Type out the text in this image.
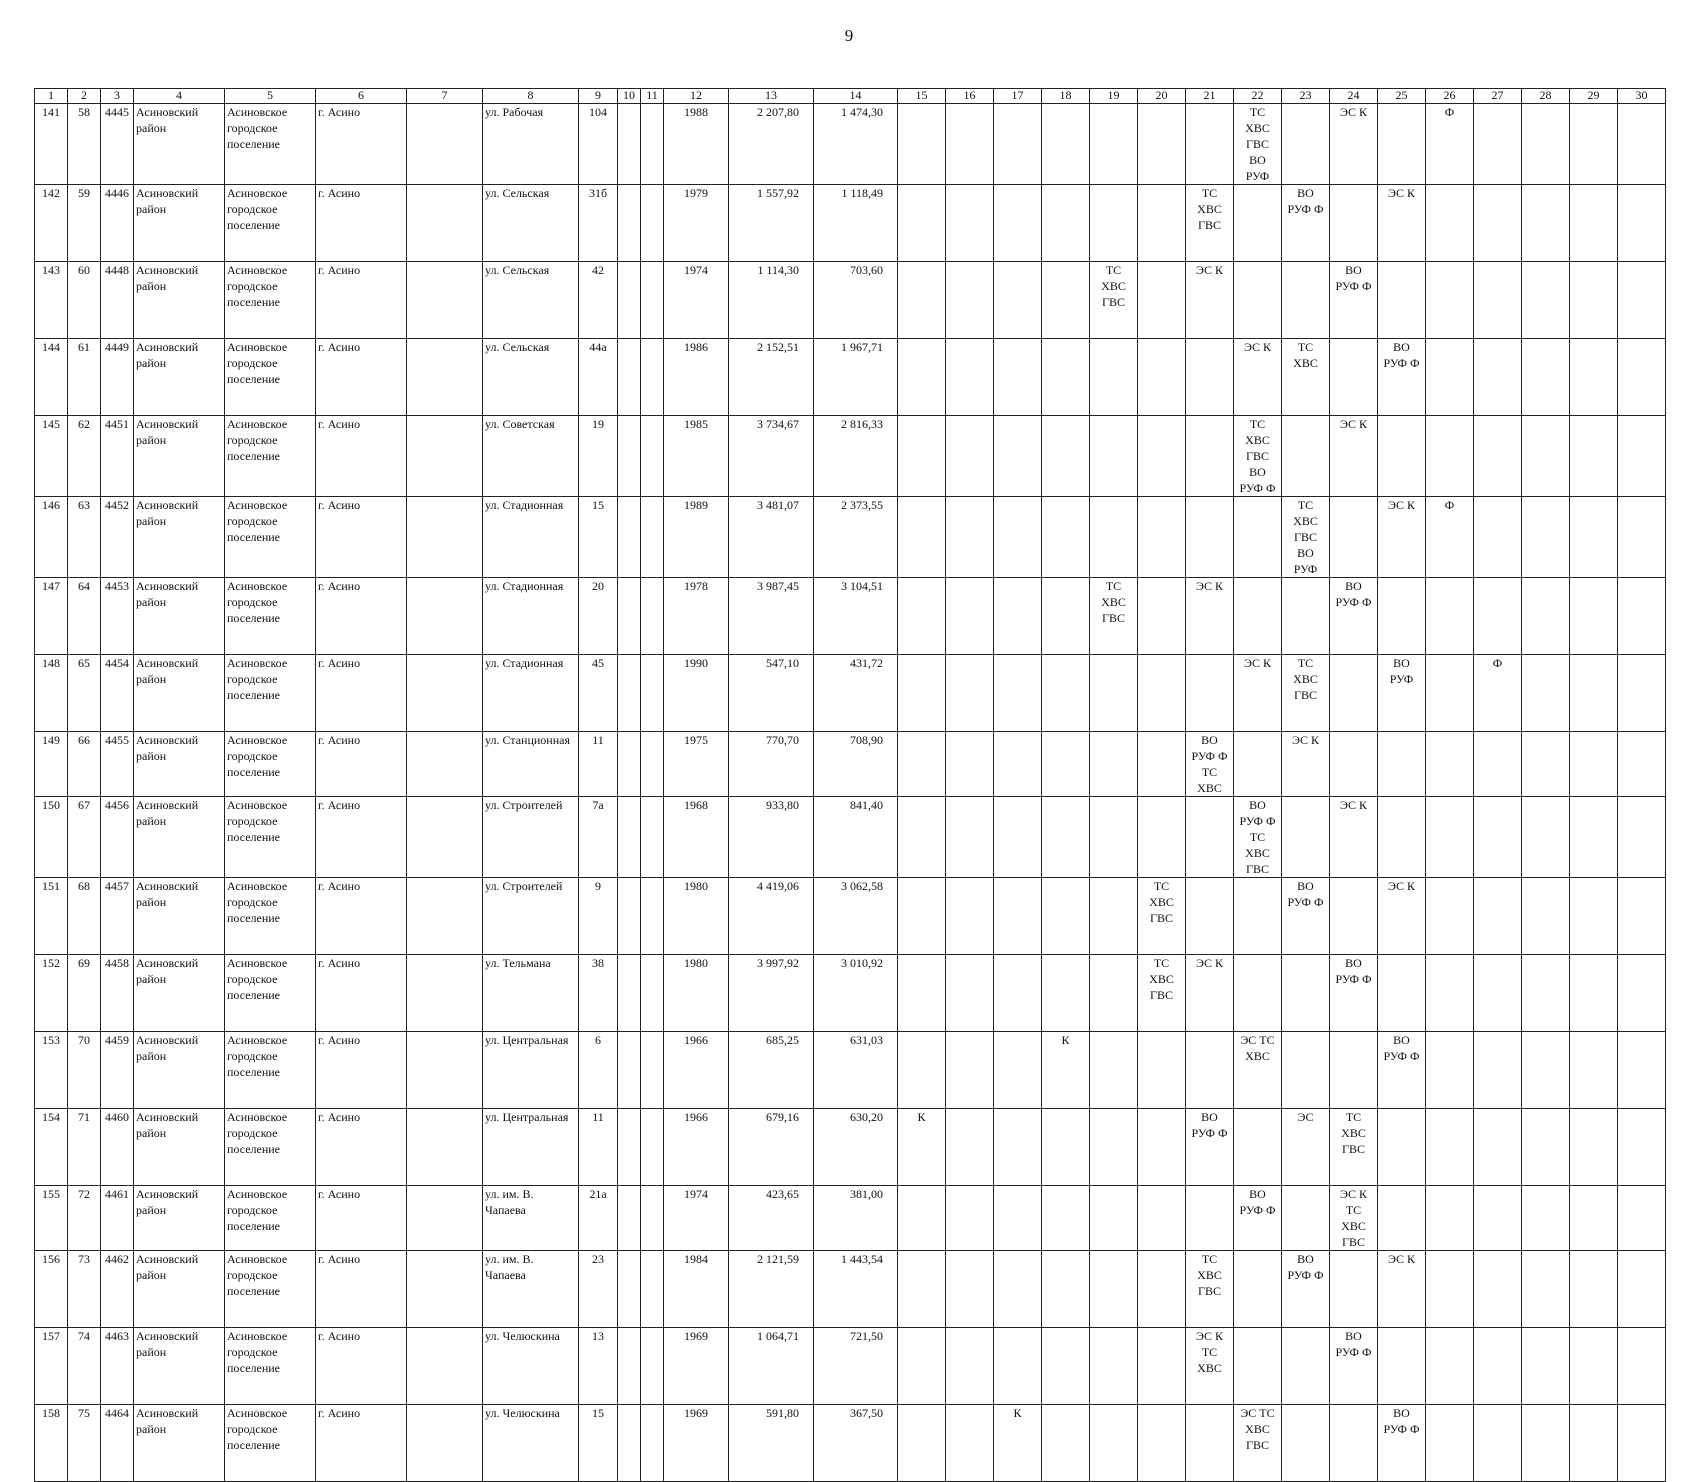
9
1	2	3	4	5	6	7	8	9	10	11	12	13	14	15	16	17	18	19	20	21	22	23	24	25	26	27	28	29	30
141	58	4445	Асиновский район	Асиновское городское поселение	г. Асино		ул. Рабочая	104			1988	2 207,80	1 474,30								ТС
ХВС
ГВС
ВО
РУФ		ЭС К		Ф				
142	59	4446	Асиновский район	Асиновское городское поселение	г. Асино		ул. Сельская	31б			1979	1 557,92	1 118,49							ТС
ХВС
ГВС		ВО
РУФ Ф		ЭС К					
143	60	4448	Асиновский район	Асиновское городское поселение	г. Асино		ул. Сельская	42			1974	1 114,30	703,60					ТС
ХВС
ГВС		ЭС К			ВО
РУФ Ф						
144	61	4449	Асиновский район	Асиновское городское поселение	г. Асино		ул. Сельская	44а			1986	2 152,51	1 967,71								ЭС К	ТС
ХВС		ВО
РУФ Ф					
145	62	4451	Асиновский район	Асиновское городское поселение	г. Асино		ул. Советская	19			1985	3 734,67	2 816,33								ТС
ХВС
ГВС
ВО
РУФ Ф		ЭС К						
146	63	4452	Асиновский район	Асиновское городское поселение	г. Асино		ул. Стадионная	15			1989	3 481,07	2 373,55									ТС
ХВС
ГВС
ВО
РУФ		ЭС К	Ф				
147	64	4453	Асиновский район	Асиновское городское поселение	г. Асино		ул. Стадионная	20			1978	3 987,45	3 104,51					ТС
ХВС
ГВС		ЭС К			ВО
РУФ Ф						
148	65	4454	Асиновский район	Асиновское городское поселение	г. Асино		ул. Стадионная	45			1990	547,10	431,72								ЭС К	ТС
ХВС
ГВС		ВО
РУФ		Ф			
149	66	4455	Асиновский район	Асиновское городское поселение	г. Асино		ул. Станционная	11			1975	770,70	708,90							ВО
РУФ Ф
ТС
ХВС		ЭС К							
150	67	4456	Асиновский район	Асиновское городское поселение	г. Асино		ул. Строителей	7а			1968	933,80	841,40								ВО
РУФ Ф
ТС
ХВС
ГВС		ЭС К						
151	68	4457	Асиновский район	Асиновское городское поселение	г. Асино		ул. Строителей	9			1980	4 419,06	3 062,58						ТС
ХВС
ГВС			ВО
РУФ Ф		ЭС К					
152	69	4458	Асиновский район	Асиновское городское поселение	г. Асино		ул. Тельмана	38			1980	3 997,92	3 010,92						ТС
ХВС
ГВС	ЭС К			ВО
РУФ Ф						
153	70	4459	Асиновский район	Асиновское городское поселение	г. Асино		ул. Центральная	6			1966	685,25	631,03				К				ЭС ТС
ХВС			ВО
РУФ Ф					
154	71	4460	Асиновский район	Асиновское городское поселение	г. Асино		ул. Центральная	11			1966	679,16	630,20	К						ВО
РУФ Ф		ЭС	ТС
ХВС
ГВС						
155	72	4461	Асиновский район	Асиновское городское поселение	г. Асино		ул. им. В. Чапаева	21а			1974	423,65	381,00								ВО
РУФ Ф		ЭС К
ТС
ХВС
ГВС						
156	73	4462	Асиновский район	Асиновское городское поселение	г. Асино		ул. им. В. Чапаева	23			1984	2 121,59	1 443,54							ТС
ХВС
ГВС		ВО
РУФ Ф		ЭС К					
157	74	4463	Асиновский район	Асиновское городское поселение	г. Асино		ул. Челюскина	13			1969	1 064,71	721,50							ЭС К
ТС
ХВС			ВО
РУФ Ф						
158	75	4464	Асиновский район	Асиновское городское поселение	г. Асино		ул. Челюскина	15			1969	591,80	367,50			К					ЭС ТС
ХВС
ГВС			ВО
РУФ Ф					
